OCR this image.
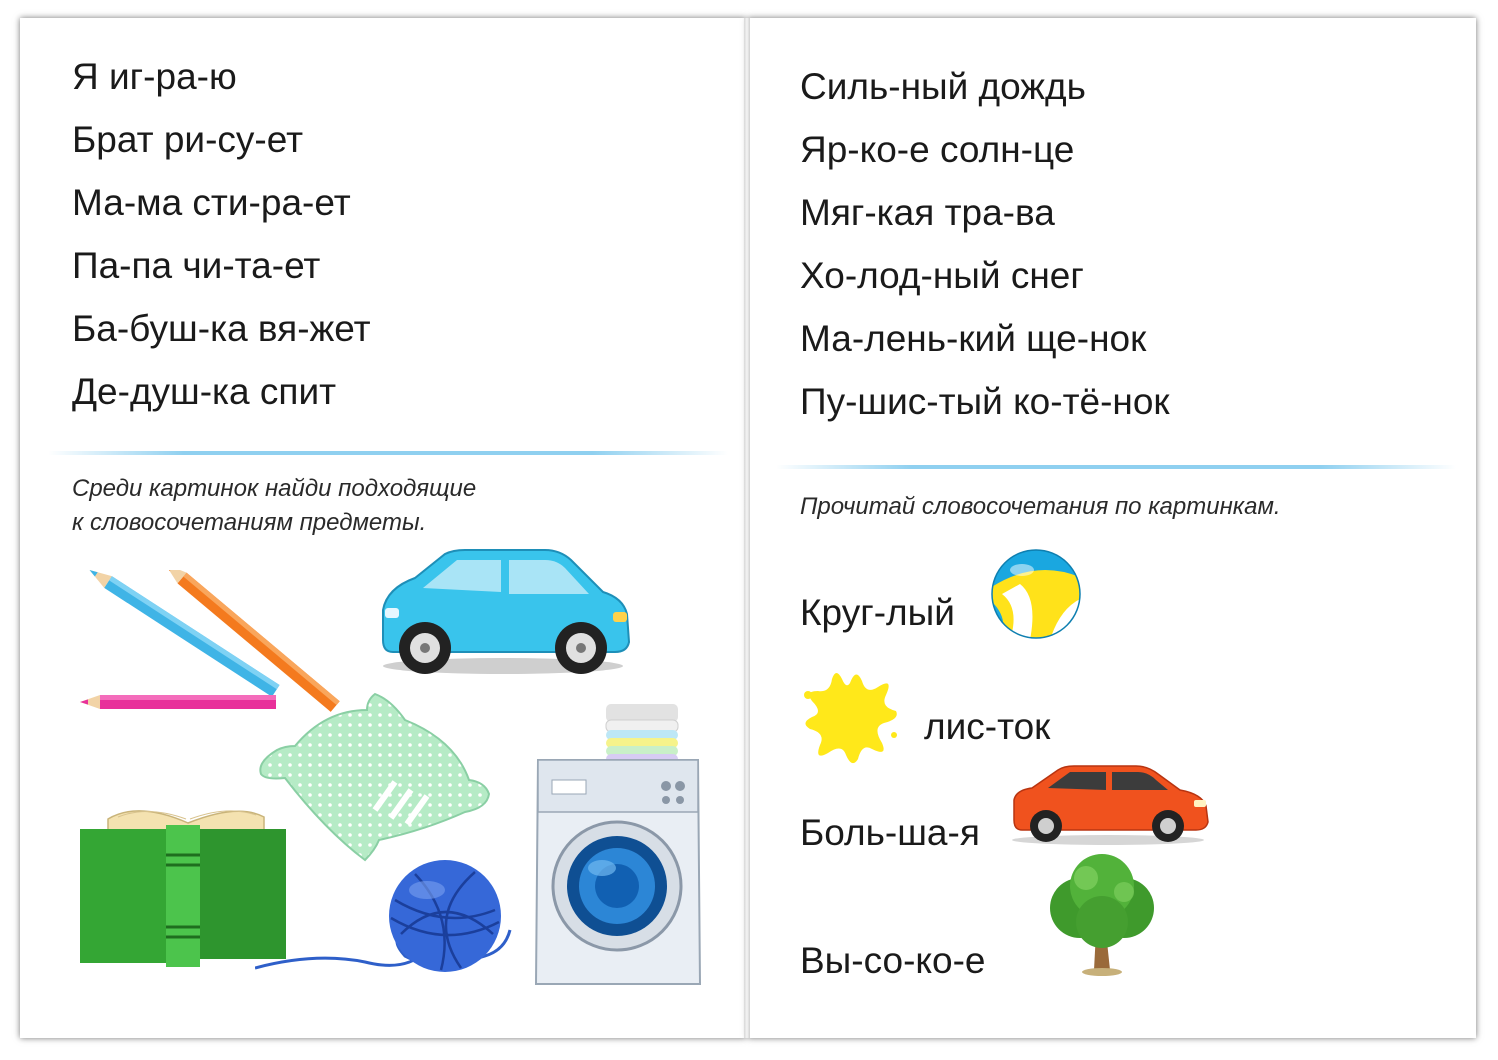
Я иг-ра-ю
Брат ри-су-ет
Ма-ма сти-ра-ет
Па-па чи-та-ет
Ба-буш-ка вя-жет
Де-душ-ка спит
Среди картинок найди подходящие
к словосочетаниям предметы.
Силь-ный дождь
Яр-ко-е солн-це
Мяг-кая тра-ва
Хо-лод-ный снег
Ма-лень-кий ще-нок
Пу-шис-тый ко-тё-нок
Прочитай словосочетания по картинкам.
Круг-лый
лис-ток
Боль-ша-я
Вы-со-ко-е
